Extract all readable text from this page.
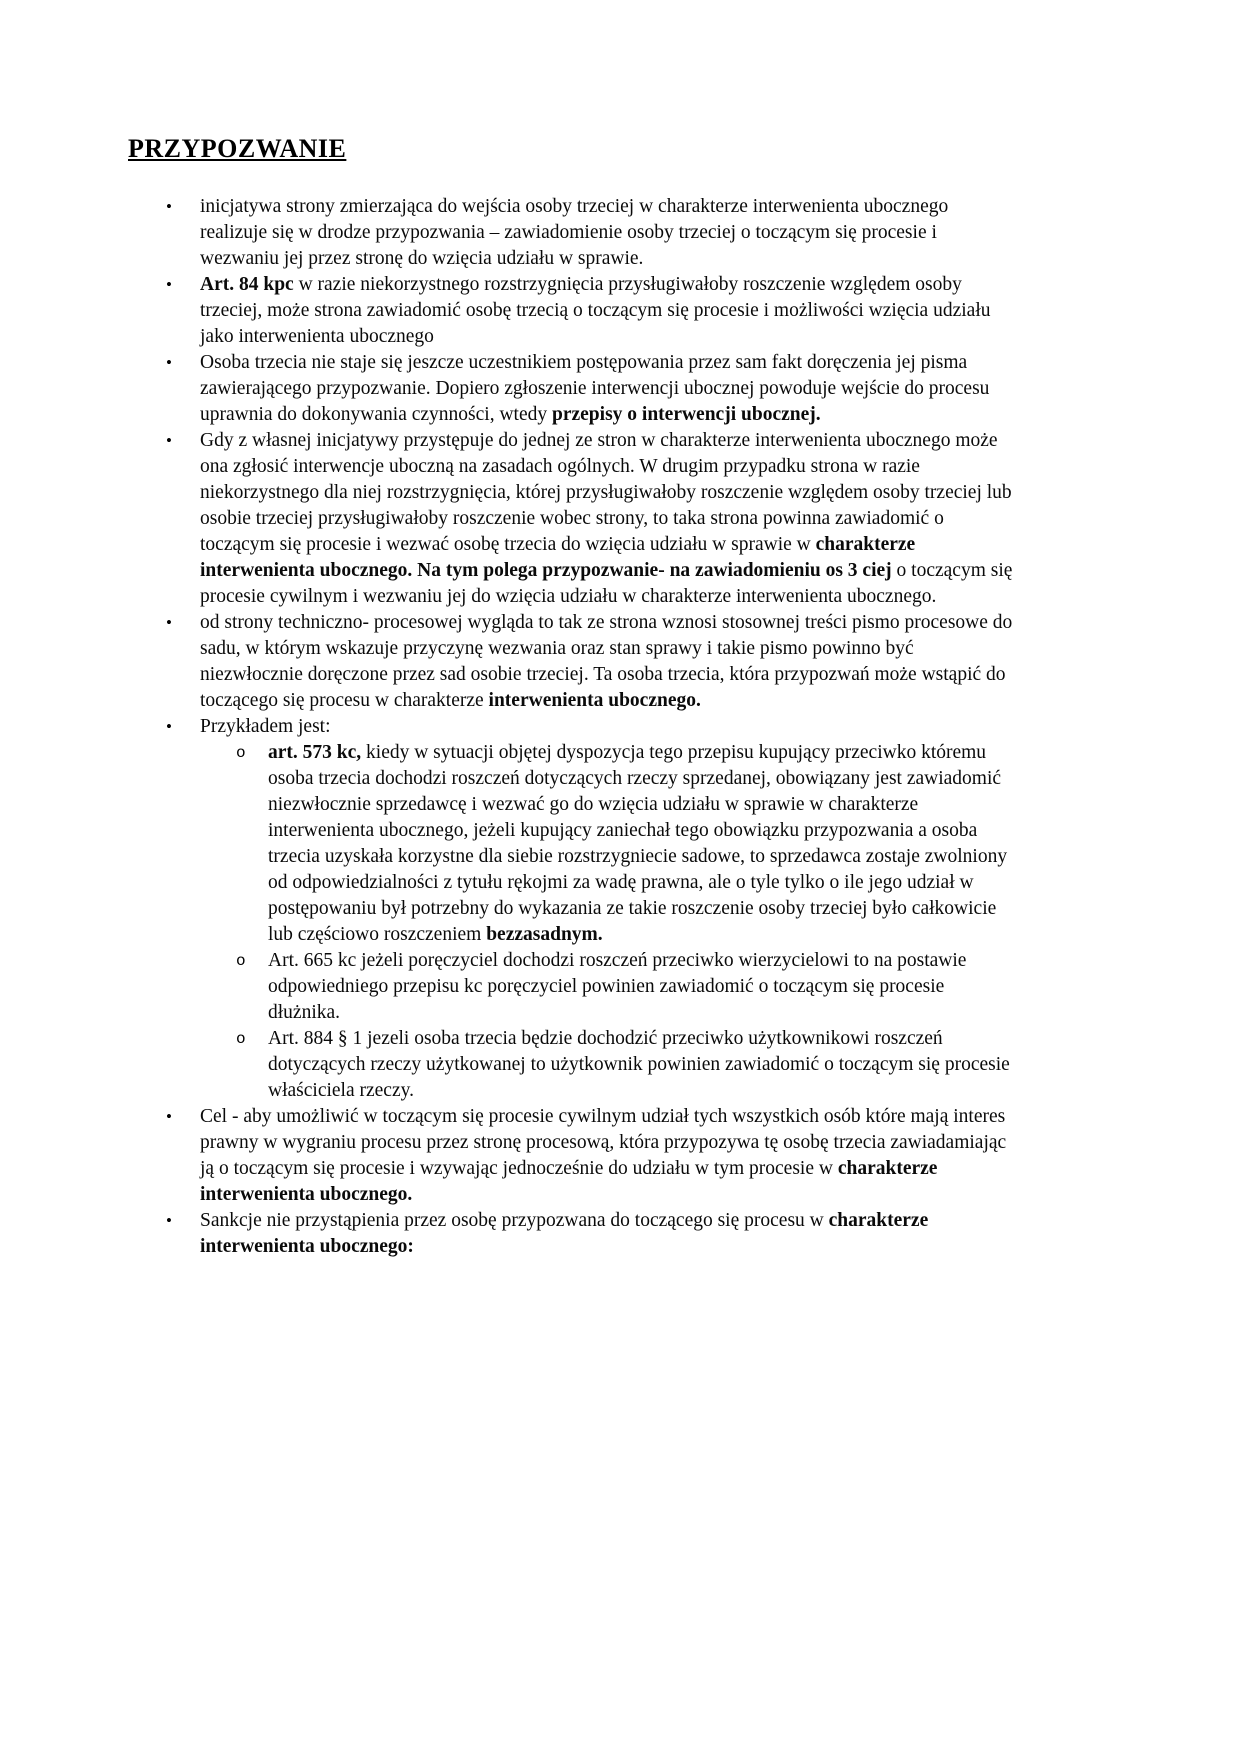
PRZYPOZWANIE
•	inicjatywa strony zmierzająca do wejścia osoby trzeciej w charakterze interwenienta ubocznego realizuje się w drodze przypozwania – zawiadomienie osoby trzeciej o toczącym się procesie i wezwaniu jej przez stronę do wzięcia udziału w sprawie.
•	Art. 84 kpc w razie niekorzystnego rozstrzygnięcia przysługiwałoby roszczenie względem osoby trzeciej, może strona zawiadomić osobę trzecią o toczącym się procesie i możliwości wzięcia udziału jako interwenienta ubocznego
•	Osoba trzecia nie staje się jeszcze uczestnikiem postępowania przez sam fakt doręczenia jej pisma zawierającego przypozwanie. Dopiero zgłoszenie interwencji ubocznej powoduje wejście do procesu uprawnia do dokonywania czynności, wtedy przepisy o interwencji ubocznej.
•	Gdy z własnej inicjatywy przystępuje do jednej ze stron w charakterze interwenienta ubocznego może ona zgłosić interwencje uboczną na zasadach ogólnych. W drugim przypadku strona w razie niekorzystnego dla niej rozstrzygnięcia, której przysługiwałoby roszczenie względem osoby trzeciej lub osobie trzeciej przysługiwałoby roszczenie wobec strony, to taka strona powinna zawiadomić o toczącym się procesie i wezwać osobę trzecia do wzięcia udziału w sprawie w charakterze interwenienta ubocznego. Na tym polega przypozwanie- na zawiadomieniu os 3 ciej o toczącym się procesie cywilnym i wezwaniu jej do wzięcia udziału w charakterze interwenienta ubocznego.
•	od strony techniczno- procesowej wygląda to tak ze strona wznosi stosownej treści pismo procesowe do sadu, w którym wskazuje przyczynę wezwania oraz stan sprawy i takie pismo powinno być niezwłocznie doręczone przez sad osobie trzeciej. Ta osoba trzecia, która przypozwań może wstąpić do toczącego się procesu w charakterze interwenienta ubocznego.
•	Przykładem jest:
o	art. 573 kc, kiedy w sytuacji objętej dyspozycja tego przepisu kupujący przeciwko któremu osoba trzecia dochodzi roszczeń dotyczących rzeczy sprzedanej, obowiązany jest zawiadomić niezwłocznie sprzedawcę i wezwać go do wzięcia udziału w sprawie w charakterze interwenienta ubocznego, jeżeli kupujący zaniechał tego obowiązku przypozwania a osoba trzecia uzyskała korzystne dla siebie rozstrzygniecie sadowe, to sprzedawca zostaje zwolniony od odpowiedzialności z tytułu rękojmi za wadę prawna, ale o tyle tylko o ile jego udział w postępowaniu był potrzebny do wykazania ze takie roszczenie osoby trzeciej było całkowicie lub częściowo roszczeniem bezzasadnym.
o	Art. 665 kc jeżeli poręczyciel dochodzi roszczeń przeciwko wierzycielowi to na postawie odpowiedniego przepisu kc poręczyciel powinien zawiadomić o toczącym się procesie dłużnika.
o	Art. 884 § 1 jezeli osoba trzecia będzie dochodzić przeciwko użytkownikowi roszczeń dotyczących rzeczy użytkowanej to użytkownik powinien zawiadomić o toczącym się procesie właściciela rzeczy.
•	Cel - aby umożliwić w toczącym się procesie cywilnym udział tych wszystkich osób które mają interes prawny w wygraniu procesu przez stronę procesową, która przypozywa tę osobę trzecia zawiadamiając ją o toczącym się procesie i wzywając jednocześnie do udziału w tym procesie w charakterze interwenienta ubocznego.
•	Sankcje nie przystąpienia przez osobę przypozwana do toczącego się procesu w charakterze interwenienta ubocznego:
